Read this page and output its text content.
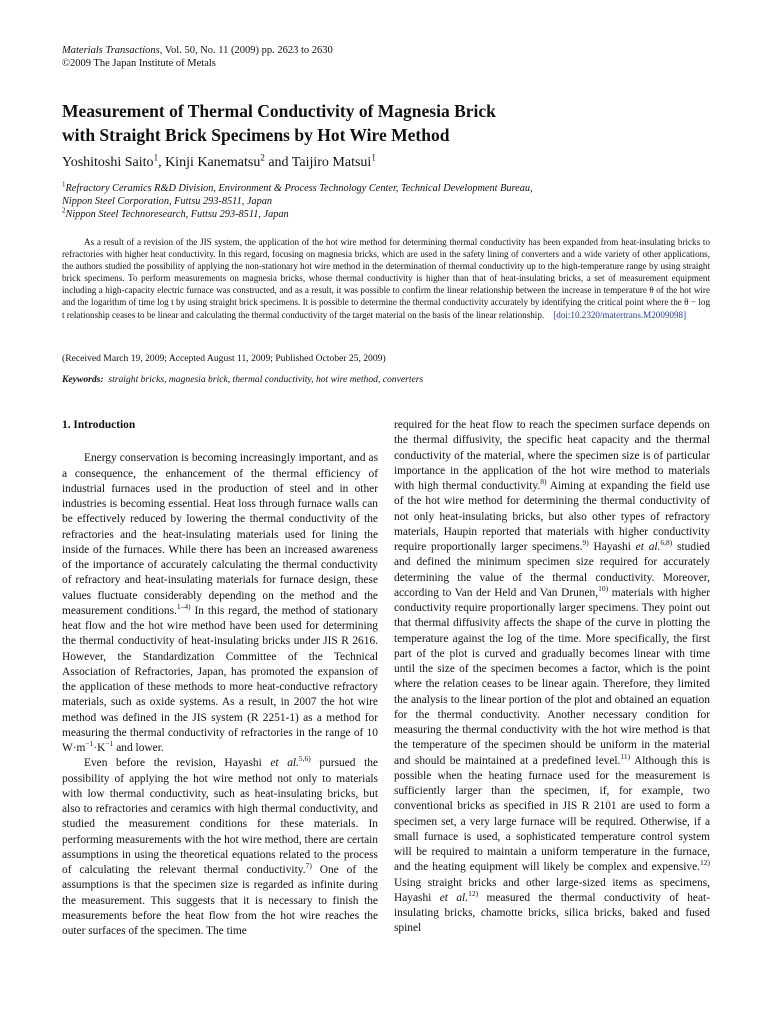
Materials Transactions, Vol. 50, No. 11 (2009) pp. 2623 to 2630
©2009 The Japan Institute of Metals
Measurement of Thermal Conductivity of Magnesia Brick
with Straight Brick Specimens by Hot Wire Method
Yoshitoshi Saito$^1$, Kinji Kanematsu$^2$ and Taijiro Matsui$^1$

$^1$Refractory Ceramics R&D Division, Environment & Process Technology Center, Technical Development Bureau,

Nippon Steel Corporation, Futtsu 293-8511, Japan

$^2$Nippon Steel Technoresearch, Futtsu 293-8511, Japan

As a result of a revision of the JIS system, the application of the hot wire method for determining thermal conductivity has been expanded from heat-insulating bricks to refractories with higher heat conductivity. In this regard, focusing on magnesia bricks, which are used in the safety lining of converters and a wide variety of other applications, the authors studied the possibility of applying the non-stationary hot wire method in the determination of thermal conductivity up to the high-temperature range by using straight brick specimens. To perform measurements on magnesia bricks, whose thermal conductivity is higher than that of heat-insulating bricks, a set of measurement equipment including a high-capacity electric furnace was constructed, and as a result, it was possible to confirm the linear relationship between the increase in temperature θ of the hot wire and the logarithm of time log t by using straight brick specimens. It is possible to determine the thermal conductivity accurately by identifying the critical point where the θ − log t relationship ceases to be linear and calculating the thermal conductivity of the target material on the basis of the linear relationship. [doi:10.2320/matertrans.M2009098]
(Received March 19, 2009; Accepted August 11, 2009; Published October 25, 2009)
Keywords: straight bricks, magnesia brick, thermal conductivity, hot wire method, converters

1. Introduction

Energy conservation is becoming increasingly important, and as a consequence, the enhancement of the thermal efficiency of industrial furnaces used in the production of steel and in other industries is becoming essential. Heat loss through furnace walls can be effectively reduced by lowering the thermal conductivity of the refractories and the heat-insulating materials used for lining the inside of the furnaces. While there has been an increased awareness of the importance of accurately calculating the thermal conductivity of refractory and heat-insulating materials for furnace design, these values fluctuate considerably depending on the method and the measurement conditions.$^{1-4)}$ In this regard, the method of stationary heat flow and the hot wire method have been used for determining the thermal conductivity of heat-insulating bricks under JIS R 2616. However, the Standardization Committee of the Technical Association of Refractories, Japan, has promoted the expansion of the application of these methods to more heat-conductive refractory materials, such as oxide systems. As a result, in 2007 the hot wire method was defined in the JIS system (R 2251-1) as a method for measuring the thermal conductivity of refractories in the range of 10 $W\cdot m^{-1}\cdot K^{-1}$ and lower.

Even before the revision, Hayashi et al.$^{5,6)}$ pursued the possibility of applying the hot wire method not only to materials with low thermal conductivity, such as heat-insulating bricks, but also to refractories and ceramics with high thermal conductivity, and studied the measurement conditions for these materials. In performing measurements with the hot wire method, there are certain assumptions in using the theoretical equations related to the process of calculating the relevant thermal conductivity.$^{7)}$ One of the assumptions is that the specimen size is regarded as infinite during the measurement. This suggests that it is necessary to finish the measurements before the heat flow from the hot wire reaches the outer surfaces of the specimen. The time

required for the heat flow to reach the specimen surface depends on the thermal diffusivity, the specific heat capacity and the thermal conductivity of the material, where the specimen size is of particular importance in the application of the hot wire method to materials with high thermal conductivity.$^{8)}$ Aiming at expanding the field use of the hot wire method for determining the thermal conductivity of not only heat-insulating bricks, but also other types of refractory materials, Haupin reported that materials with higher conductivity require proportionally larger specimens.$^{9)}$ Hayashi et al.$^{6,8)}$ studied and defined the minimum specimen size required for accurately determining the value of the thermal conductivity. Moreover, according to Van der Held and Van Drunen,$^{10)}$ materials with higher conductivity require proportionally larger specimens. They point out that thermal diffusivity affects the shape of the curve in plotting the temperature against the log of the time. More specifically, the first part of the plot is curved and gradually becomes linear with time until the size of the specimen becomes a factor, which is the point where the relation ceases to be linear again. Therefore, they limited the analysis to the linear portion of the plot and obtained an equation for the thermal conductivity. Another necessary condition for measuring the thermal conductivity with the hot wire method is that the temperature of the specimen should be uniform in the material and should be maintained at a predefined level.$^{11)}$ Although this is possible when the heating furnace used for the measurement is sufficiently larger than the specimen, if, for example, two conventional bricks as specified in JIS R 2101 are used to form a specimen set, a very large furnace will be required. Otherwise, if a small furnace is used, a sophisticated temperature control system will be required to maintain a uniform temperature in the furnace, and the heating equipment will likely be complex and expensive.$^{12)}$ Using straight bricks and other large-sized items as specimens, Hayashi et al.$^{12)}$ measured the thermal conductivity of heat-insulating bricks, chamotte bricks, silica bricks, baked and fused spinel
